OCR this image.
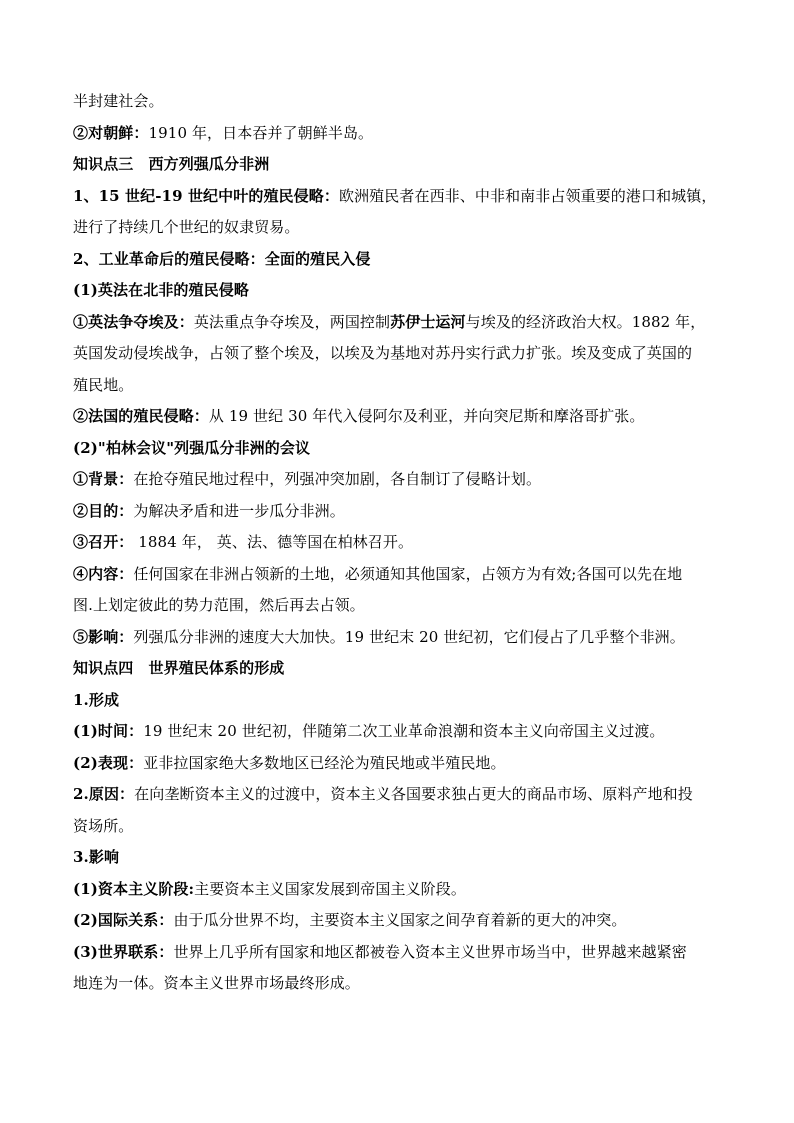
半封建社会。
②对朝鲜：1910 年，日本吞并了朝鲜半岛。
知识点三　西方列强瓜分非洲
1、15 世纪-19 世纪中叶的殖民侵略：欧洲殖民者在西非、中非和南非占领重要的港口和城镇，
进行了持续几个世纪的奴隶贸易。
2、工业革命后的殖民侵略：全面的殖民入侵
(1)英法在北非的殖民侵略
①英法争夺埃及：英法重点争夺埃及，两国控制苏伊士运河与埃及的经济政治大权。1882 年，
英国发动侵埃战争，占领了整个埃及，以埃及为基地对苏丹实行武力扩张。埃及变成了英国的
殖民地。
②法国的殖民侵略：从 19 世纪 30 年代入侵阿尔及利亚，并向突尼斯和摩洛哥扩张。
(2)"柏林会议"列强瓜分非洲的会议
①背景：在抢夺殖民地过程中，列强冲突加剧，各自制订了侵略计划。
②目的：为解决矛盾和进一步瓜分非洲。
③召开： 1884 年， 英、法、德等国在柏林召开。
④内容：任何国家在非洲占领新的土地，必须通知其他国家，占领方为有效;各国可以先在地
图.上划定彼此的势力范围，然后再去占领。
⑤影响：列强瓜分非洲的速度大大加快。19 世纪末 20 世纪初，它们侵占了几乎整个非洲。
知识点四　世界殖民体系的形成
1.形成
(1)时间：19 世纪末 20 世纪初，伴随第二次工业革命浪潮和资本主义向帝国主义过渡。
(2)表现：亚非拉国家绝大多数地区已经沦为殖民地或半殖民地。
2.原因：在向垄断资本主义的过渡中，资本主义各国要求独占更大的商品市场、原料产地和投
资场所。
3.影响
(1)资本主义阶段:主要资本主义国家发展到帝国主义阶段。
(2)国际关系：由于瓜分世界不均，主要资本主义国家之间孕育着新的更大的冲突。
(3)世界联系：世界上几乎所有国家和地区都被卷入资本主义世界市场当中，世界越来越紧密
地连为一体。资本主义世界市场最终形成。
